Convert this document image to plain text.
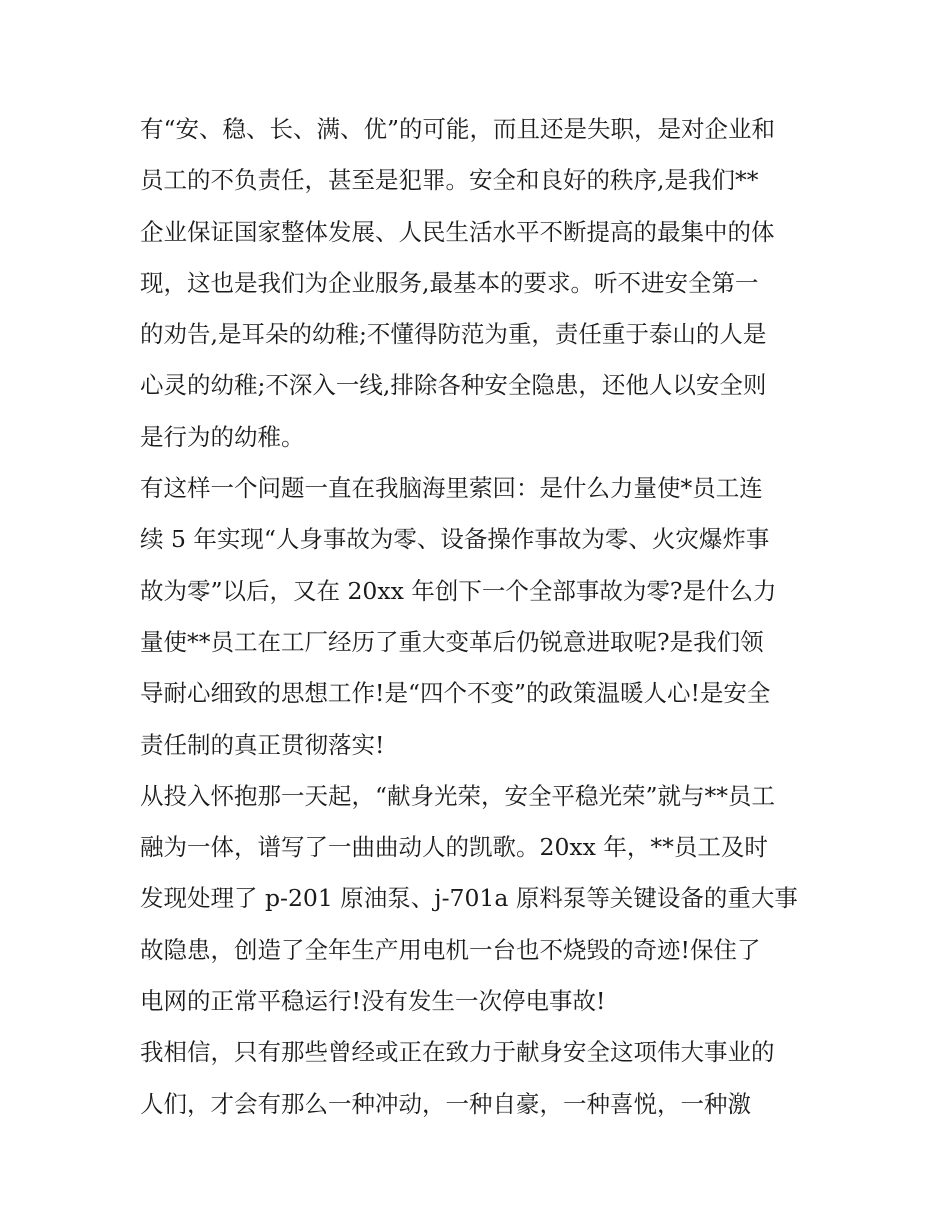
有“安、稳、长、满、优”的可能，而且还是失职，是对企业和
员工的不负责任，甚至是犯罪。安全和良好的秩序,是我们**
企业保证国家整体发展、人民生活水平不断提高的最集中的体
现，这也是我们为企业服务,最基本的要求。听不进安全第一
的劝告,是耳朵的幼稚;不懂得防范为重，责任重于泰山的人是
心灵的幼稚;不深入一线,排除各种安全隐患，还他人以安全则
是行为的幼稚。
有这样一个问题一直在我脑海里萦回：是什么力量使*员工连
续 5 年实现“人身事故为零、设备操作事故为零、火灾爆炸事
故为零”以后，又在 20xx 年创下一个全部事故为零?是什么力
量使**员工在工厂经历了重大变革后仍锐意进取呢?是我们领
导耐心细致的思想工作!是“四个不变”的政策温暖人心!是安全
责任制的真正贯彻落实!
从投入怀抱那一天起，“献身光荣，安全平稳光荣”就与**员工
融为一体，谱写了一曲曲动人的凯歌。20xx 年，**员工及时
发现处理了 p-201 原油泵、j-701a 原料泵等关键设备的重大事
故隐患，创造了全年生产用电机一台也不烧毁的奇迹!保住了
电网的正常平稳运行!没有发生一次停电事故!
我相信，只有那些曾经或正在致力于献身安全这项伟大事业的
人们，才会有那么一种冲动，一种自豪，一种喜悦，一种激
